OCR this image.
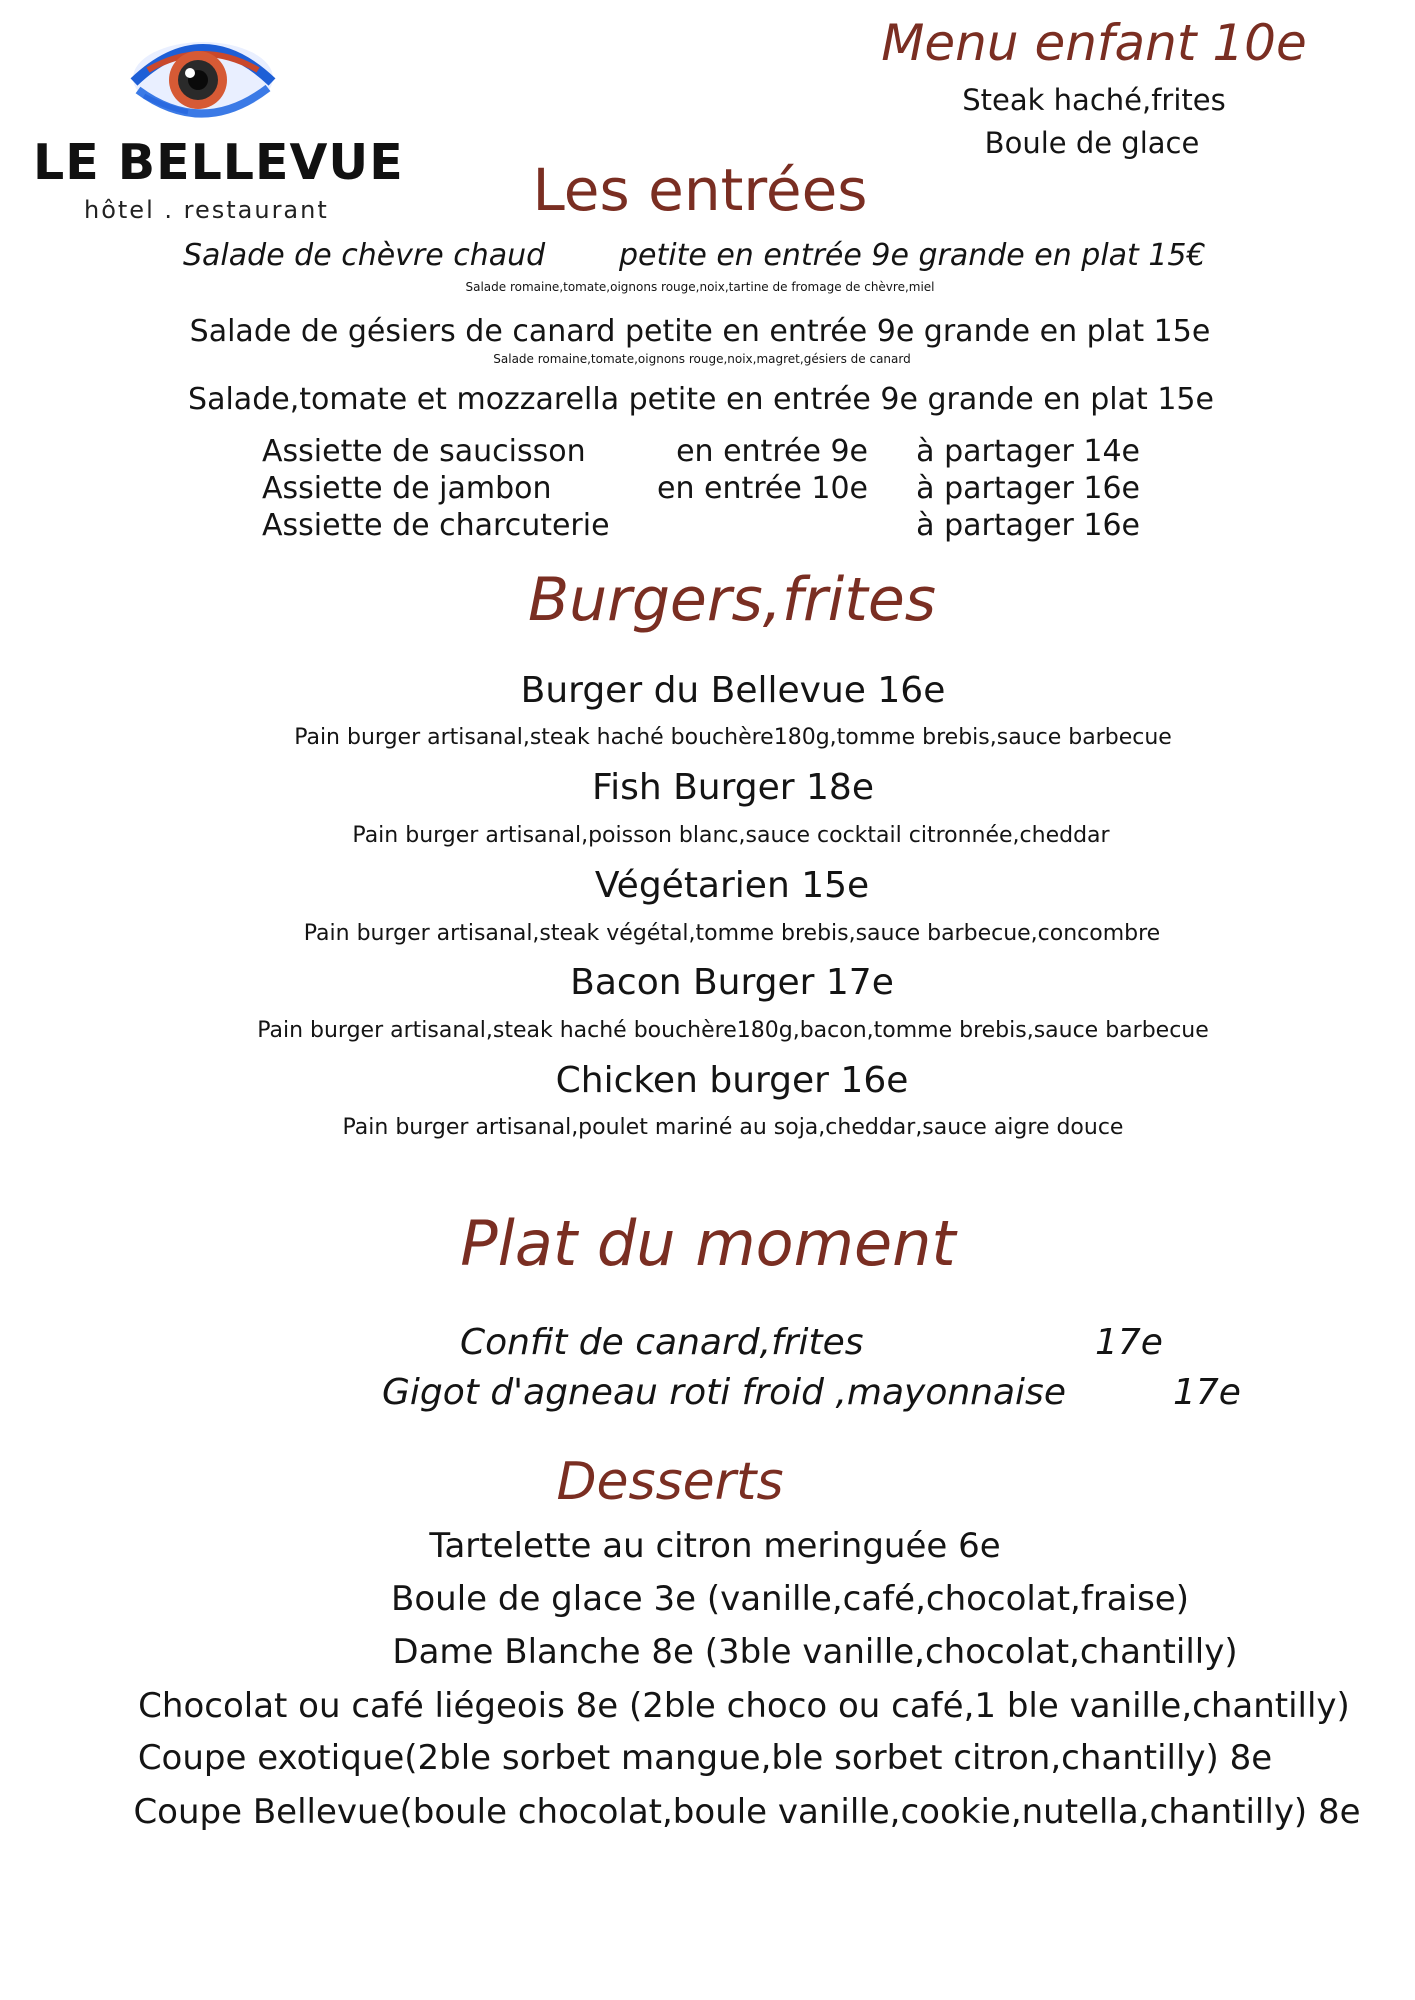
LE BELLEVUE
hôtel . restaurant
Menu enfant 10e
Steak haché,frites
Boule de glace
Les entrées
Salade de chèvre chaud petite en entrée 9e grande en plat 15€
Salade romaine,tomate,oignons rouge,noix,tartine de fromage de chèvre,miel
Salade de gésiers de canard petite en entrée 9e grande en plat 15e
Salade romaine,tomate,oignons rouge,noix,magret,gésiers de canard
Salade,tomate et mozzarella petite en entrée 9e grande en plat 15e
Assiette de saucisson	en entrée 9e à partager 14e
Assiette de jambon	en entrée 10e à partager 16e
Assiette de charcuterie	à partager 16e
Burgers,frites
Burger du Bellevue 16e
Pain burger artisanal,steak haché bouchère180g,tomme brebis,sauce barbecue
Fish Burger 18e
Pain burger artisanal,poisson blanc,sauce cocktail citronnée,cheddar
Végétarien 15e
Pain burger artisanal,steak végétal,tomme brebis,sauce barbecue,concombre
Bacon Burger 17e
Pain burger artisanal,steak haché bouchère180g,bacon,tomme brebis,sauce barbecue
Chicken burger 16e
Pain burger artisanal,poulet mariné au soja,cheddar,sauce aigre douce
Plat du moment
Confit de canard,frites	17e
Gigot d'agneau roti froid ,mayonnaise	17e
Desserts
Tartelette au citron meringuée 6e
Boule de glace 3e (vanille,café,chocolat,fraise)
Dame Blanche 8e (3ble vanille,chocolat,chantilly)
Chocolat ou café liégeois 8e (2ble choco ou café,1 ble vanille,chantilly)
Coupe exotique(2ble sorbet mangue,ble sorbet citron,chantilly) 8e
Coupe Bellevue(boule chocolat,boule vanille,cookie,nutella,chantilly) 8e
